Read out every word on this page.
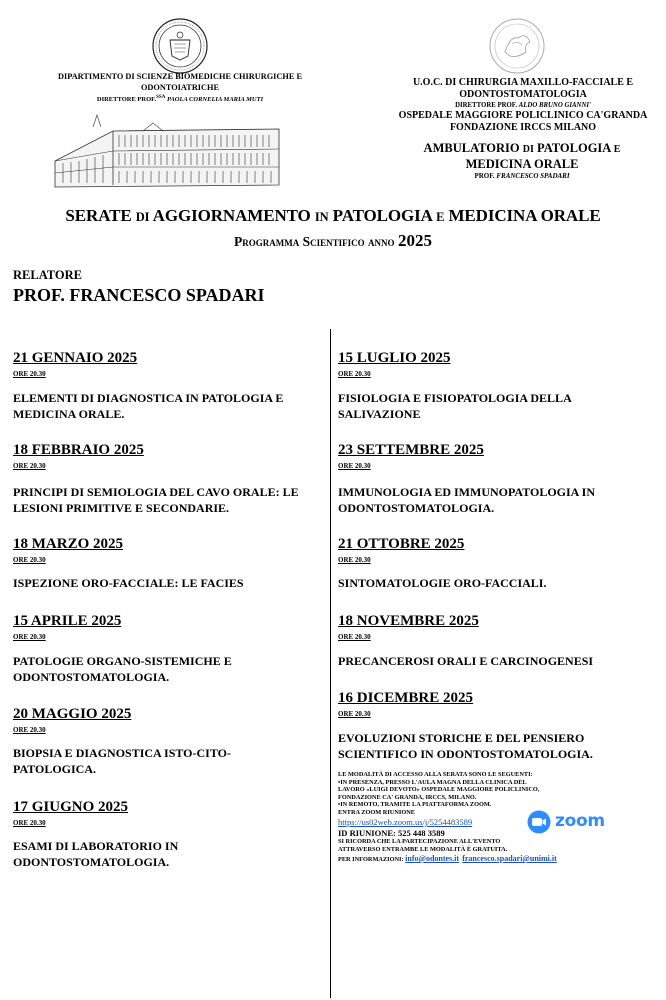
DIPARTIMENTO DI SCIENZE BIOMEDICHE CHIRURGICHE E
ODONTOIATRICHE
DIRETTORE PROF.$^{SSA}$ PAOLA CORNELIA MARIA MUTI
U.O.C. DI CHIRURGIA MAXILLO-FACCIALE E
ODONTOSTOMATOLOGIA
DIRETTORE PROF. ALDO BRUNO GIANNI'
OSPEDALE MAGGIORE POLICLINICO CA'GRANDA
FONDAZIONE IRCCS MILANO
AMBULATORIO DI PATOLOGIA E
MEDICINA ORALE
PROF. FRANCESCO SPADARI
SERATE DI AGGIORNAMENTO IN PATOLOGIA E MEDICINA ORALE
Programma Scientifico anno 2025
RELATORE
PROF. FRANCESCO SPADARI
21 GENNAIO 2025
ORE 20.30
ELEMENTI DI DIAGNOSTICA IN PATOLOGIA E MEDICINA ORALE.
18 FEBBRAIO 2025
ORE 20.30
PRINCIPI DI SEMIOLOGIA DEL CAVO ORALE: LE LESIONI PRIMITIVE E SECONDARIE.
18 MARZO 2025
ORE 20.30
ISPEZIONE ORO-FACCIALE: LE FACIES
15 APRILE 2025
ORE 20.30
PATOLOGIE ORGANO-SISTEMICHE E ODONTOSTOMATOLOGIA.
20 MAGGIO 2025
ORE 20.30
BIOPSIA E DIAGNOSTICA ISTO-CITO-PATOLOGICA.
17 GIUGNO 2025
ORE 20.30
ESAMI DI LABORATORIO IN ODONTOSTOMATOLOGIA.
15 LUGLIO 2025
ORE 20.30
FISIOLOGIA E FISIOPATOLOGIA DELLA SALIVAZIONE
23 SETTEMBRE 2025
ORE 20.30
IMMUNOLOGIA ED IMMUNOPATOLOGIA IN ODONTOSTOMATOLOGIA.
21 OTTOBRE 2025
ORE 20.30
SINTOMATOLOGIE ORO-FACCIALI.
18 NOVEMBRE 2025
ORE 20.30
PRECANCEROSI ORALI E CARCINOGENESI
16 DICEMBRE 2025
ORE 20.30
EVOLUZIONI STORICHE E DEL PENSIERO SCIENTIFICO IN ODONTOSTOMATOLOGIA.
LE MODALITÀ DI ACCESSO ALLA SERATA SONO LE SEGUENTI:
•IN PRESENZA, PRESSO L'AULA MAGNA DELLA CLINICA DEL
LAVORO «LUIGI DEVOTO» OSPEDALE MAGGIORE POLICLINICO,
FONDAZIONE CA' GRANDA, IRCCS, MILANO.
•IN REMOTO, TRAMITE LA PIATTAFORMA ZOOM.
ENTRA ZOOM RIUNIONE
https://us02web.zoom.us/j/5254483589
ID RIUNIONE: 525 448 3589
SI RICORDA CHE LA PARTECIPAZIONE ALL'EVENTO
ATTRAVERSO ENTRAMBE LE MODALITÀ È GRATUITA.
PER INFORMAZIONI: info@odontes.it francesco.spadari@unimi.it
zoom
